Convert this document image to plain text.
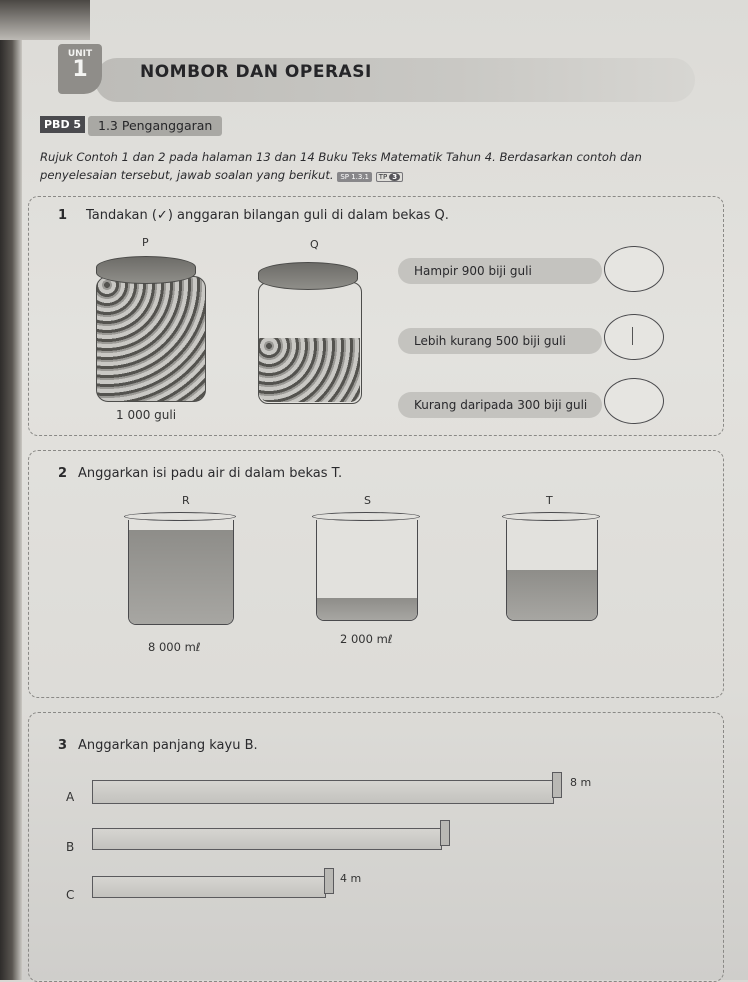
UNIT
1	NOMBOR DAN OPERASI
PBD 5	1.3 Penganggaran
Rujuk Contoh 1 dan 2 pada halaman 13 dan 14 Buku Teks Matematik Tahun 4. Berdasarkan contoh dan penyelesaian tersebut, jawab soalan yang berikut. SP 1.3.1 TP 3
1 Tandakan (✓) anggaran bilangan guli di dalam bekas Q.
P	Q
1 000 guli
Hampir 900 biji guli
Lebih kurang 500 biji guli
Kurang daripada 300 biji guli
2 Anggarkan isi padu air di dalam bekas T.
R	S	T
8 000 mℓ
2 000 mℓ
3 Anggarkan panjang kayu B.
A
8 m
B
C
4 m
